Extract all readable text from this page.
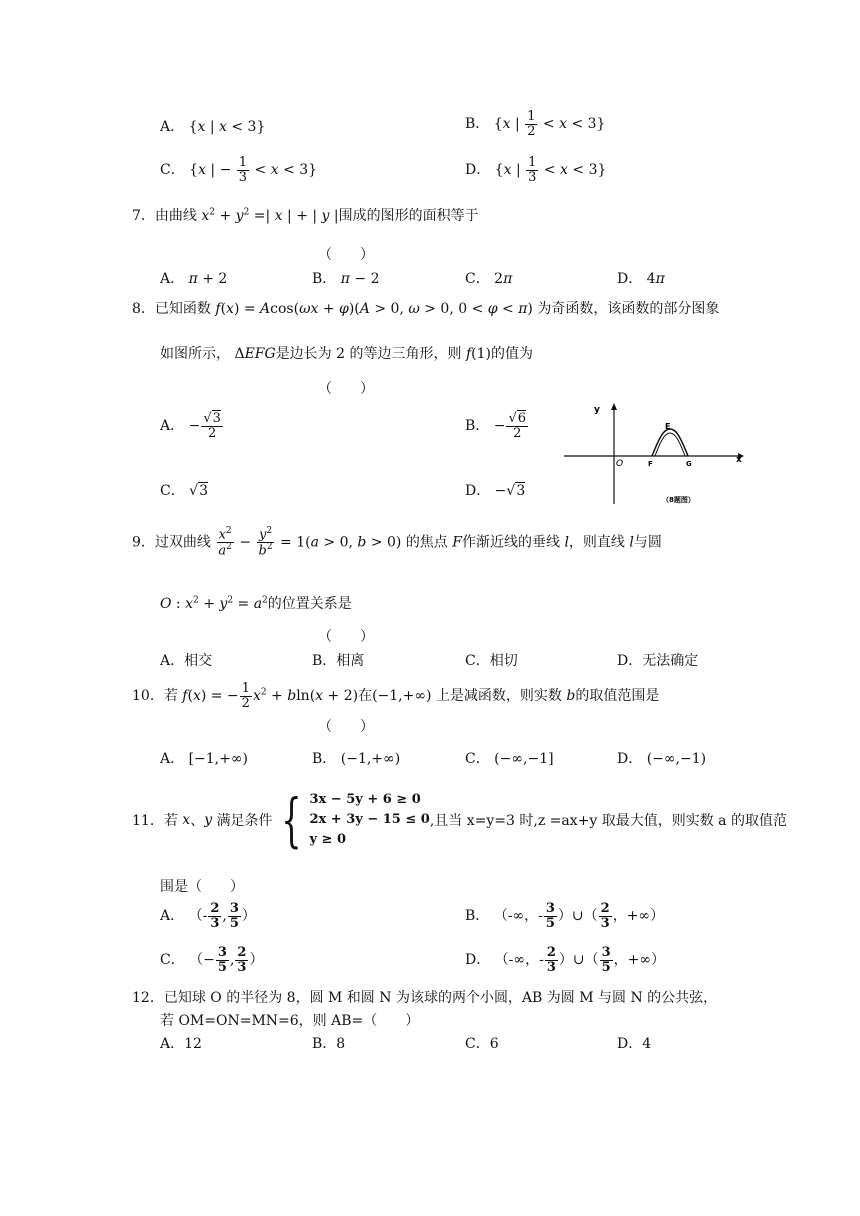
A． {x | x < 3}	B． {x | $\frac{1}{2} < x < 3$}
C． {x | − $\frac{1}{3} < x < 3$}	D． {x | $\frac{1}{3} < x < 3$}
7．由曲线 $x^2 + y^2$ =| x | + | y |围成的图形的面积等于
（　　）
A． π + 2	B． π − 2	C． 2π	D． 4π
8．已知函数 f(x) = Acos(ωx + φ)(A > 0, ω > 0, 0 < φ < π) 为奇函数，该函数的部分图象
如图所示， ΔEFG是边长为 2 的等边三角形，则 f(1)的值为
（　　）
A． − $\frac{√3}{2}$	B． − $\frac{√6}{2}$
C． √3	D． −√3
y
x
O
E
F	G
（8题图）
9．过双曲线 $\frac{x^2}{a^2} - \frac{y^2}{b^2} = 1(a > 0$, b > 0) 的焦点 F作渐近线的垂线 l，则直线 l与圆
O : $x^2 + y^2 = a^2$的位置关系是
（　　）
A．相交	B．相离	C．相切	D．无法确定
10．若 f(x) = − $\frac{1}{2} x^2 + bln(x + 2)$在(−1,+∞) 上是减函数，则实数 b的取值范围是
（　　）
A． [−1,+∞)	B． (−1,+∞)	C． (−∞,−1]	D． (−∞,−1)
11． 若
x 、 y
满足条件 { 3x − 5y + 6 ≥ 0
2x + 3y − 15 ≤ 0
y ≥ 0
,且当 x=y=3 时,z =ax+y 取最大值，则实数 a 的取值范
围是（　　）
A． （- $\frac{2}{3}$ , $\frac{3}{5}$ ）	B． （-∞，- $\frac{3}{5}$ ）∪（ $\frac{2}{3}$ ，+∞）
C． （− $\frac{3}{5}$ , $\frac{2}{3}$ ）	D． （-∞，- $\frac{2}{3}$ ）∪（ $\frac{3}{5}$ ，+∞）
12．已知球 O 的半径为 8，圆 M 和圆 N 为该球的两个小圆，AB 为圆 M 与圆 N 的公共弦，
若 OM=ON=MN=6，则 AB=（　　）
A．12	B．8	C．6	D．4
